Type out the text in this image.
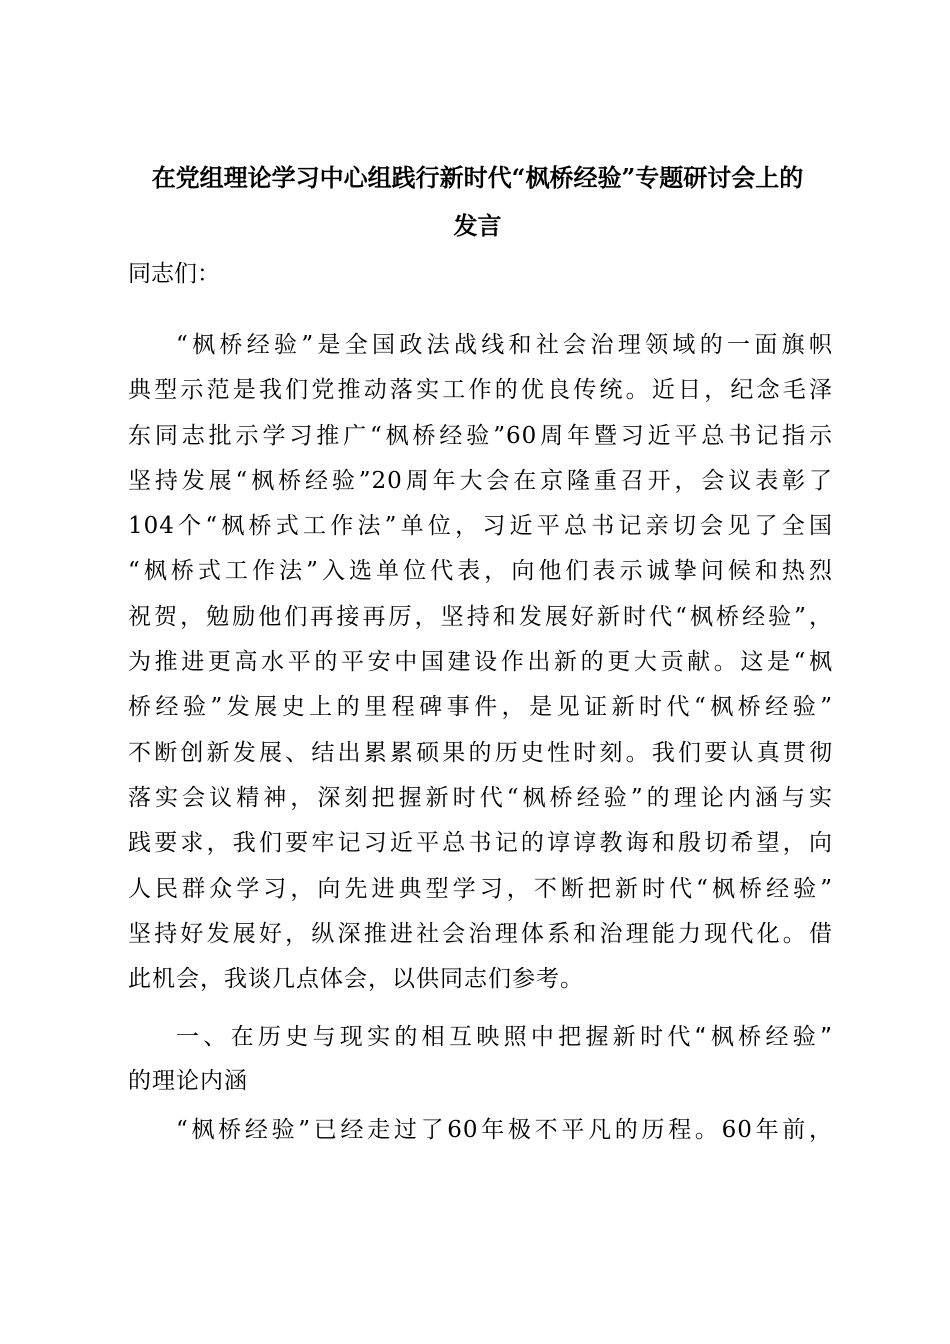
在党组理论学习中心组践行新时代“枫桥经验”专题研讨会上的
发言
同志们：
“枫桥经验”是全国政法战线和社会治理领域的一面旗帜
典型示范是我们党推动落实工作的优良传统。近日，纪念毛泽
东同志批示学习推广“枫桥经验”60周年暨习近平总书记指示
坚持发展“枫桥经验”20周年大会在京隆重召开，会议表彰了
104个“枫桥式工作法”单位，习近平总书记亲切会见了全国
“枫桥式工作法”入选单位代表，向他们表示诚挚问候和热烈
祝贺，勉励他们再接再厉，坚持和发展好新时代“枫桥经验”，
为推进更高水平的平安中国建设作出新的更大贡献。这是“枫
桥经验”发展史上的里程碑事件，是见证新时代“枫桥经验”
不断创新发展、结出累累硕果的历史性时刻。我们要认真贯彻
落实会议精神，深刻把握新时代“枫桥经验”的理论内涵与实
践要求，我们要牢记习近平总书记的谆谆教诲和殷切希望，向
人民群众学习，向先进典型学习，不断把新时代“枫桥经验”
坚持好发展好，纵深推进社会治理体系和治理能力现代化。借
此机会，我谈几点体会，以供同志们参考。
一、在历史与现实的相互映照中把握新时代“枫桥经验”
的理论内涵
“枫桥经验”已经走过了60年极不平凡的历程。60年前，
